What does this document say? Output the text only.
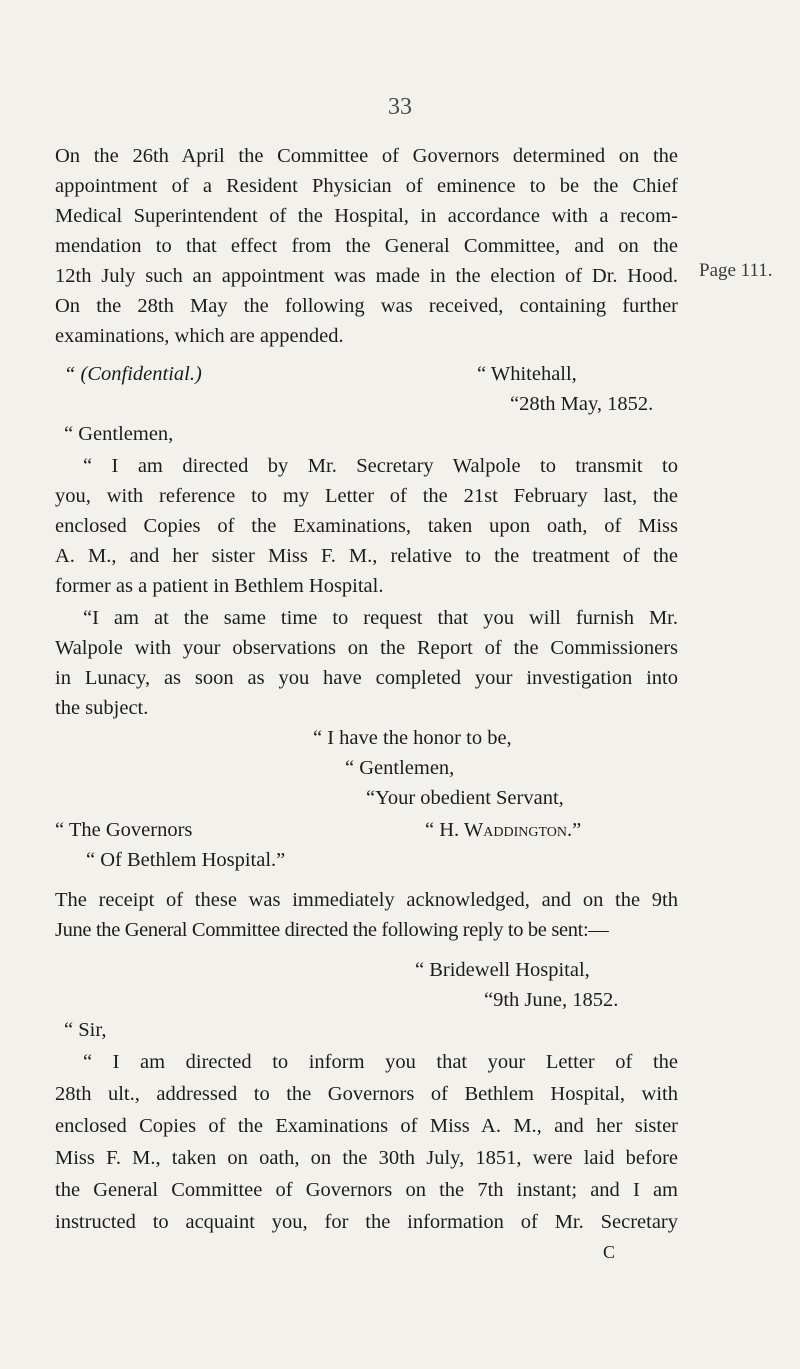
33
On the 26th April the Committee of Governors determined on the
appointment of a Resident Physician of eminence to be the Chief
Medical Superintendent of the Hospital, in accordance with a recom-
mendation to that effect from the General Committee, and on the
12th July such an appointment was made in the election of Dr. Hood. Page 111.
On the 28th May the following was received, containing further
examinations, which are appended.
“ (Confidential.)	“ Whitehall,
“28th May, 1852.
“ Gentlemen,
“ I am directed by Mr. Secretary Walpole to transmit to
you, with reference to my Letter of the 21st February last, the
enclosed Copies of the Examinations, taken upon oath, of Miss
A. M., and her sister Miss F. M., relative to the treatment of the
former as a patient in Bethlem Hospital.
“I am at the same time to request that you will furnish Mr.
Walpole with your observations on the Report of the Commissioners
in Lunacy, as soon as you have completed your investigation into
the subject.
“ I have the honor to be,
“ Gentlemen,
“Your obedient Servant,
“ The Governors	“ H. Waddington.”
“ Of Bethlem Hospital.”
The receipt of these was immediately acknowledged, and on the 9th
June the General Committee directed the following reply to be sent:—
“ Bridewell Hospital,
“9th June, 1852.
“ Sir,
“ I am directed to inform you that your Letter of the
28th ult., addressed to the Governors of Bethlem Hospital, with
enclosed Copies of the Examinations of Miss A. M., and her sister
Miss F. M., taken on oath, on the 30th July, 1851, were laid before
the General Committee of Governors on the 7th instant; and I am
instructed to acquaint you, for the information of Mr. Secretary
C
